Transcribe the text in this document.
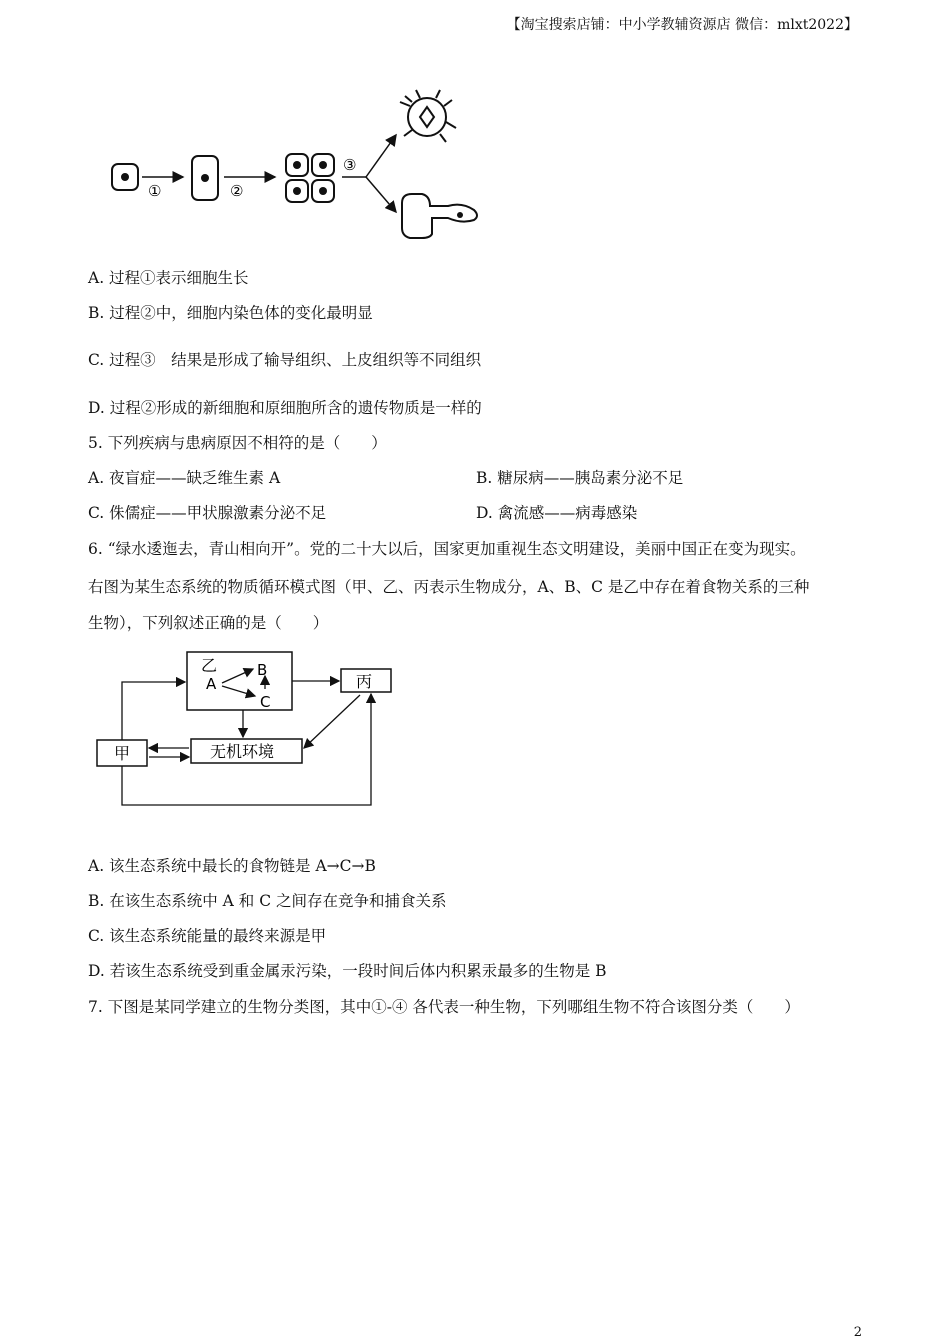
【淘宝搜索店铺：中小学教辅资源店 微信：mlxt2022】
①	②
③
A. 过程①表示细胞生长
B. 过程②中，细胞内染色体的变化最明显
C. 过程③　结果是形成了输导组织、上皮组织等不同组织
D. 过程②形成的新细胞和原细胞所含的遗传物质是一样的
5. 下列疾病与患病原因不相符的是（　　）
A. 夜盲症——缺乏维生素 A	B. 糖尿病——胰岛素分泌不足
C. 侏儒症——甲状腺激素分泌不足	D. 禽流感——病毒感染
6. “绿水逶迤去，青山相向开”。党的二十大以后，国家更加重视生态文明建设，美丽中国正在变为现实。
右图为某生态系统的物质循环模式图（甲、乙、丙表示生物成分，A、B、C 是乙中存在着食物关系的三种
生物），下列叙述正确的是（　　）
乙
A
B
C
丙
甲	无机环境
A. 该生态系统中最长的食物链是 A→C→B
B. 在该生态系统中 A 和 C 之间存在竞争和捕食关系
C. 该生态系统能量的最终来源是甲
D. 若该生态系统受到重金属汞污染，一段时间后体内积累汞最多的生物是 B
7. 下图是某同学建立的生物分类图，其中①-④ 各代表一种生物，下列哪组生物不符合该图分类（　　）
2
